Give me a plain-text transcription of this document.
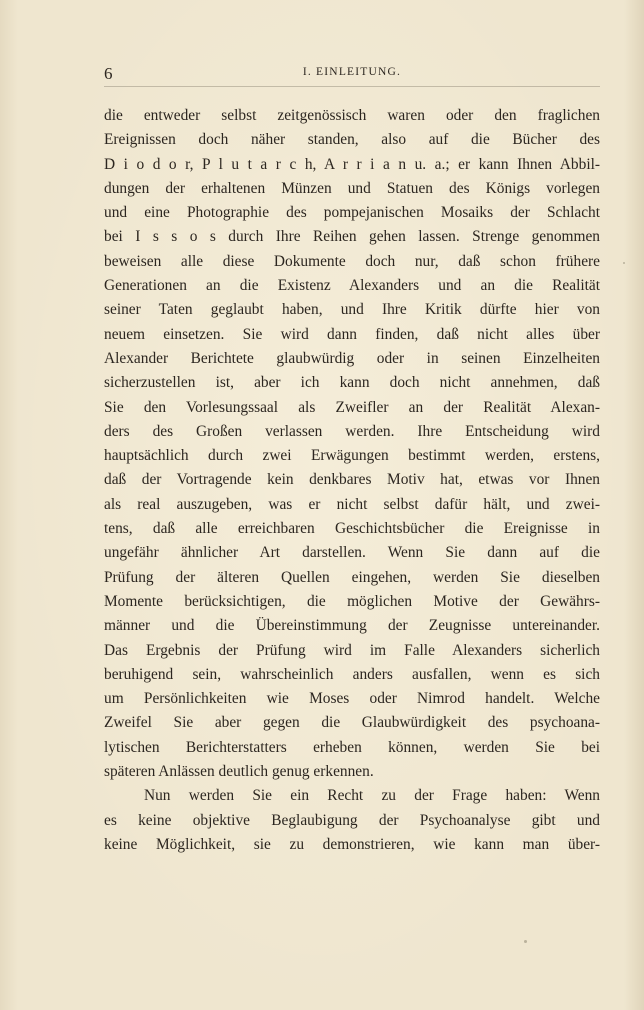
6	I. EINLEITUNG.

die entweder selbst zeitgenössisch waren oder den fraglichen
Ereignissen doch näher standen, also auf die Bücher des
D i o d o r, P l u t a r c h, A r r i a n u. a.; er kann Ihnen Abbil-
dungen der erhaltenen Münzen und Statuen des Königs vorlegen
und eine Photographie des pompejanischen Mosaiks der Schlacht
bei I s s o s durch Ihre Reihen gehen lassen. Strenge genommen
beweisen alle diese Dokumente doch nur, daß schon frühere
Generationen an die Existenz Alexanders und an die Realität
seiner Taten geglaubt haben, und Ihre Kritik dürfte hier von
neuem einsetzen. Sie wird dann finden, daß nicht alles über
Alexander Berichtete glaubwürdig oder in seinen Einzelheiten
sicherzustellen ist, aber ich kann doch nicht annehmen, daß
Sie den Vorlesungssaal als Zweifler an der Realität Alexan-
ders des Großen verlassen werden. Ihre Entscheidung wird
hauptsächlich durch zwei Erwägungen bestimmt werden, erstens,
daß der Vortragende kein denkbares Motiv hat, etwas vor Ihnen
als real auszugeben, was er nicht selbst dafür hält, und zwei-
tens, daß alle erreichbaren Geschichtsbücher die Ereignisse in
ungefähr ähnlicher Art darstellen. Wenn Sie dann auf die
Prüfung der älteren Quellen eingehen, werden Sie dieselben
Momente berücksichtigen, die möglichen Motive der Gewährs-
männer und die Übereinstimmung der Zeugnisse untereinander.
Das Ergebnis der Prüfung wird im Falle Alexanders sicherlich
beruhigend sein, wahrscheinlich anders ausfallen, wenn es sich
um Persönlichkeiten wie Moses oder Nimrod handelt. Welche
Zweifel Sie aber gegen die Glaubwürdigkeit des psychoana-
lytischen Berichterstatters erheben können, werden Sie bei
späteren Anlässen deutlich genug erkennen.

Nun werden Sie ein Recht zu der Frage haben: Wenn
es keine objektive Beglaubigung der Psychoanalyse gibt und
keine Möglichkeit, sie zu demonstrieren, wie kann man über-
